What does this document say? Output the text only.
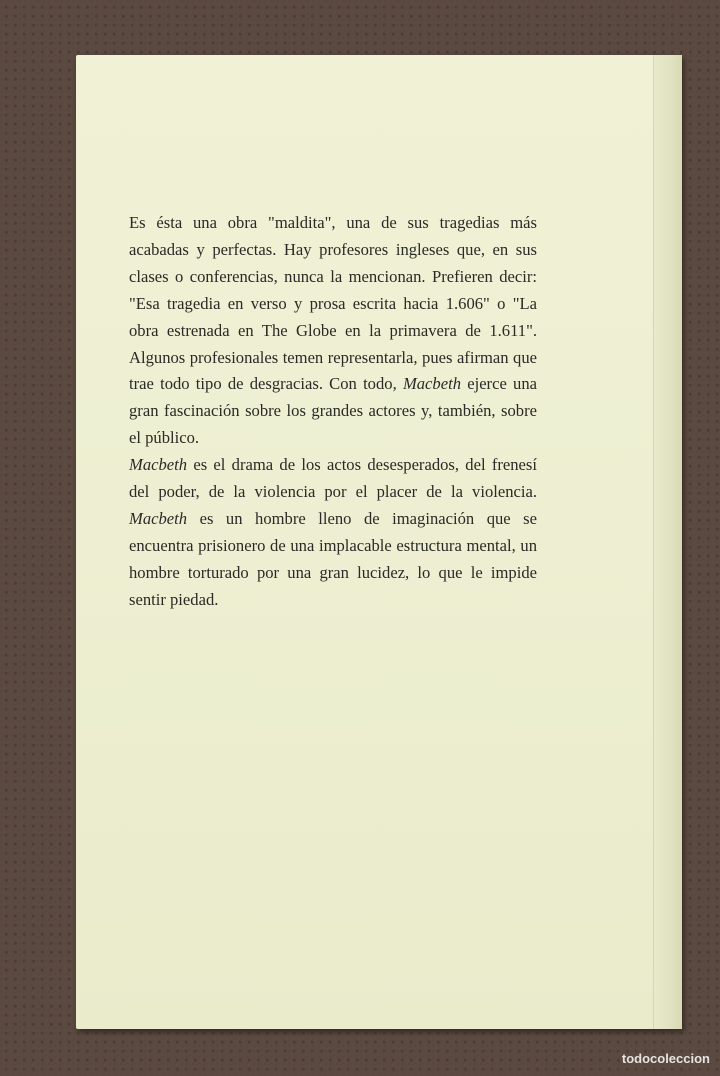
Es ésta una obra "maldita", una de sus tragedias más acabadas y perfectas. Hay profesores ingleses que, en sus clases o conferencias, nunca la mencionan. Prefieren decir: "Esa tragedia en verso y prosa escrita hacia 1.606" o "La obra estrenada en The Globe en la primavera de 1.611". Algunos profesionales temen representarla, pues afirman que trae todo tipo de desgracias. Con todo, Macbeth ejerce una gran fascinación sobre los grandes actores y, también, sobre el público.

Macbeth es el drama de los actos desesperados, del frenesí del poder, de la violencia por el placer de la violencia. Macbeth es un hombre lleno de imaginación que se encuentra prisionero de una implacable estructura mental, un hombre torturado por una gran lucidez, lo que le impide sentir piedad.

todocoleccion
